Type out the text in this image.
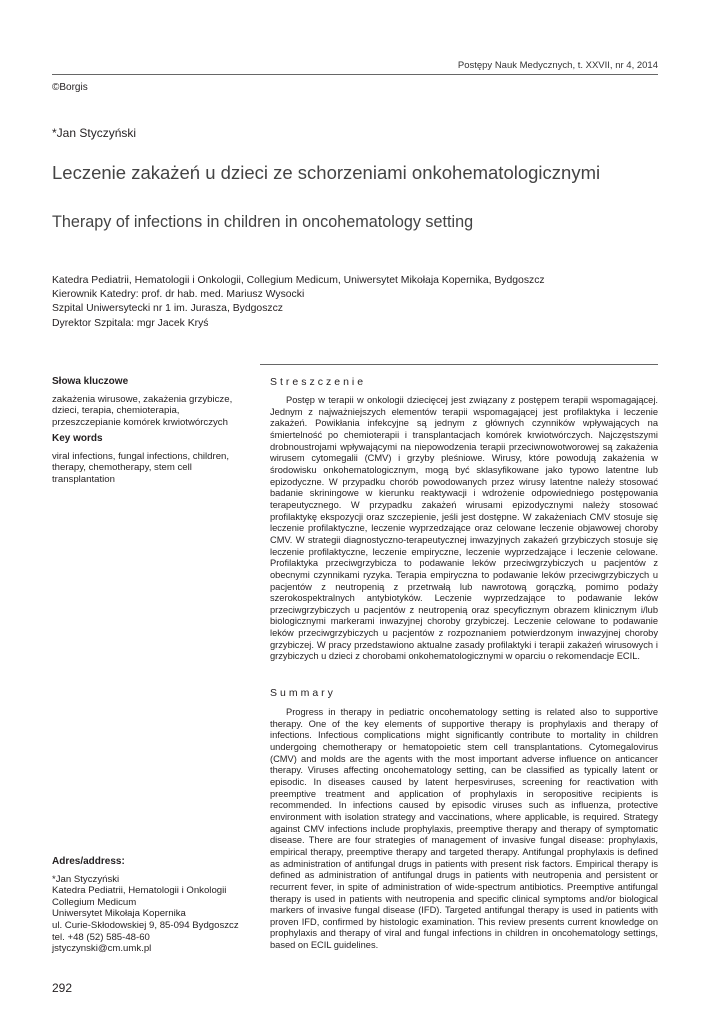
Postępy Nauk Medycznych, t. XXVII, nr 4, 2014
©Borgis
*Jan Styczyński
Leczenie zakażeń u dzieci ze schorzeniami onkohematologicznymi
Therapy of infections in children in oncohematology setting
Katedra Pediatrii, Hematologii i Onkologii, Collegium Medicum, Uniwersytet Mikołaja Kopernika, Bydgoszcz
Kierownik Katedry: prof. dr hab. med. Mariusz Wysocki
Szpital Uniwersytecki nr 1 im. Jurasza, Bydgoszcz
Dyrektor Szpitala: mgr Jacek Kryś
Słowa kluczowe
zakażenia wirusowe, zakażenia grzybicze, dzieci, terapia, chemioterapia, przeszczepianie komórek krwiotwórczych
Key words
viral infections, fungal infections, children, therapy, chemotherapy, stem cell transplantation
Adres/address:
*Jan Styczyński
Katedra Pediatrii, Hematologii i Onkologii
Collegium Medicum
Uniwersytet Mikołaja Kopernika
ul. Curie-Skłodowskiej 9, 85-094 Bydgoszcz
tel. +48 (52) 585-48-60
jstyczynski@cm.umk.pl
Streszczenie

Postęp w terapii w onkologii dziecięcej jest związany z postępem terapii wspomagającej. Jednym z najważniejszych elementów terapii wspomagającej jest profilaktyka i leczenie zakażeń. Powikłania infekcyjne są jednym z głównych czynników wpływających na śmiertelność po chemioterapii i transplantacjach komórek krwiotwórczych. Najczęstszymi drobnoustrojami wpływającymi na niepowodzenia terapii przeciwnowotworowej są zakażenia wirusem cytomegalii (CMV) i grzyby pleśniowe. Wirusy, które powodują zakażenia w środowisku onkohematologicznym, mogą być sklasyfikowane jako typowo latentne lub epizodyczne. W przypadku chorób powodowanych przez wirusy latentne należy stosować badanie skriningowe w kierunku reaktywacji i wdrożenie odpowiedniego postępowania terapeutycznego. W przypadku zakażeń wirusami epizodycznymi należy stosować profilaktykę ekspozycji oraz szczepienie, jeśli jest dostępne. W zakażeniach CMV stosuje się leczenie profilaktyczne, leczenie wyprzedzające oraz celowane leczenie objawowej choroby CMV. W strategii diagnostyczno-terapeutycznej inwazyjnych zakażeń grzybiczych stosuje się leczenie profilaktyczne, leczenie empiryczne, leczenie wyprzedzające i leczenie celowane. Profilaktyka przeciwgrzybicza to podawanie leków przeciwgrzybiczych u pacjentów z obecnymi czynnikami ryzyka. Terapia empiryczna to podawanie leków przeciwgrzybiczych u pacjentów z neutropenią z przetrwałą lub nawrotową gorączką, pomimo podaży szerokospektralnych antybiotyków. Leczenie wyprzedzające to podawanie leków przeciwgrzybiczych u pacjentów z neutropenią oraz specyficznym obrazem klinicznym i/lub biologicznymi markerami inwazyjnej choroby grzybiczej. Leczenie celowane to podawanie leków przeciwgrzybiczych u pacjentów z rozpoznaniem potwierdzonym inwazyjnej choroby grzybiczej. W pracy przedstawiono aktualne zasady profilaktyki i terapii zakażeń wirusowych i grzybiczych u dzieci z chorobami onkohematologicznymi w oparciu o rekomendacje ECIL.

Summary

Progress in therapy in pediatric oncohematology setting is related also to supportive therapy. One of the key elements of supportive therapy is prophylaxis and therapy of infections. Infectious complications might significantly contribute to mortality in children undergoing chemotherapy or hematopoietic stem cell transplantations. Cytomegalovirus (CMV) and molds are the agents with the most important adverse influence on anticancer therapy. Viruses affecting oncohematology setting, can be classified as typically latent or episodic. In diseases caused by latent herpesviruses, screening for reactivation with preemptive treatment and application of prophylaxis in seropositive recipients is recommended. In infections caused by episodic viruses such as influenza, protective environment with isolation strategy and vaccinations, where applicable, is required. Strategy against CMV infections include prophylaxis, preemptive therapy and therapy of symptomatic disease. There are four strategies of management of invasive fungal disease: prophylaxis, empirical therapy, preemptive therapy and targeted therapy. Antifungal prophylaxis is defined as administration of antifungal drugs in patients with present risk factors. Empirical therapy is defined as administration of antifungal drugs in patients with neutropenia and persistent or recurrent fever, in spite of administration of wide-spectrum antibiotics. Preemptive antifungal therapy is used in patients with neutropenia and specific clinical symptoms and/or biological markers of invasive fungal disease (IFD). Targeted antifungal therapy is used in patients with proven IFD, confirmed by histologic examination. This review presents current knowledge on prophylaxis and therapy of viral and fungal infections in children in oncohematology settings, based on ECIL guidelines.

292
